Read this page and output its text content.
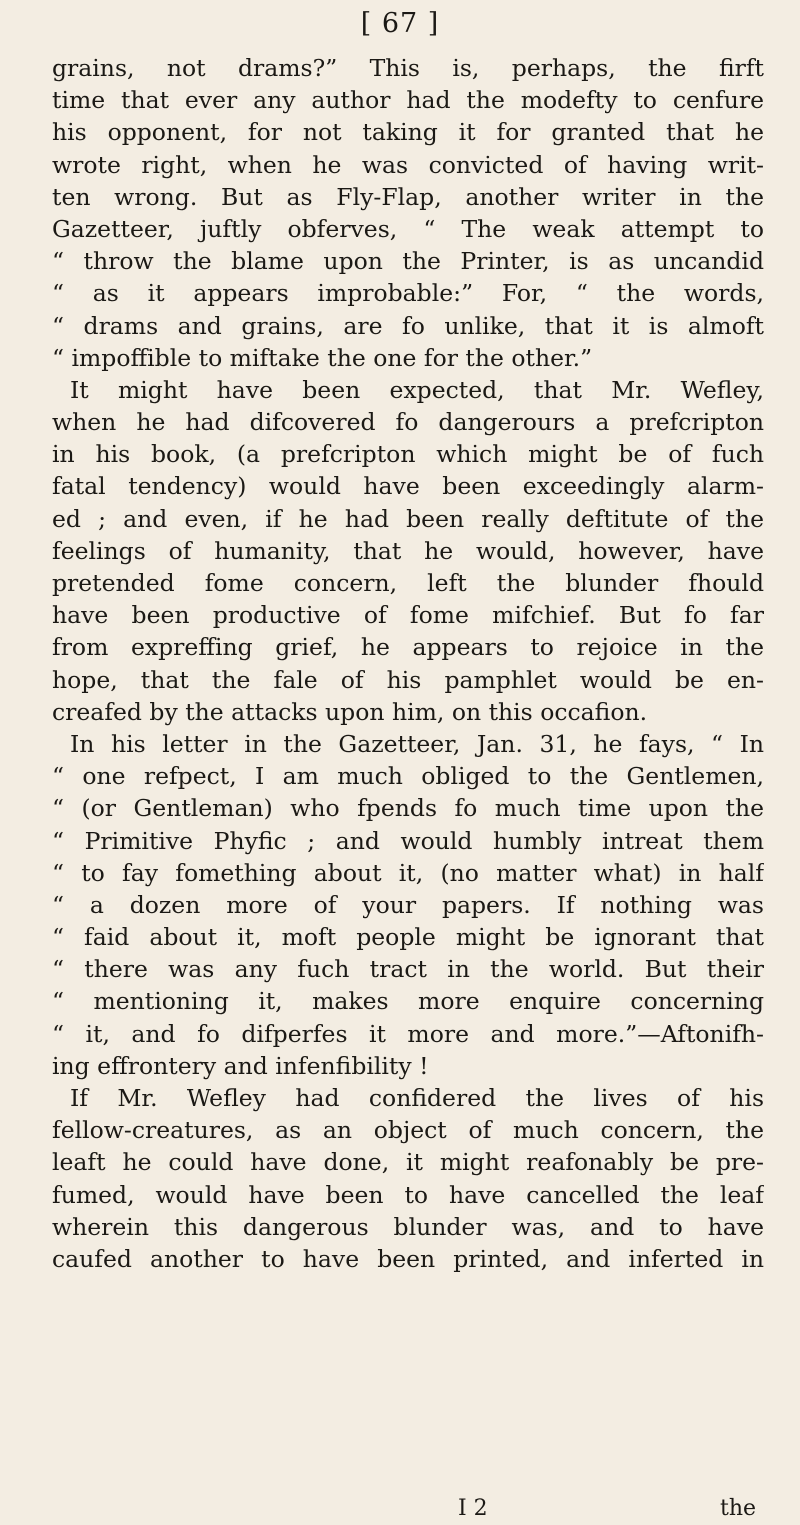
[ 67 ]
grains, not drams?” This is, perhaps, the firft
time that ever any author had the modefty to cenfure
his opponent, for not taking it for granted that he
wrote right, when he was convicted of having writ-
ten wrong. But as Fly-Flap, another writer in the
Gazetteer, juftly obferves, “ The weak attempt to
“ throw the blame upon the Printer, is as uncandid
“ as it appears improbable:” For, “ the words,
“ drams and grains, are fo unlike, that it is almoft
“ impoffible to miftake the one for the other.”
It might have been expected, that Mr. Wefley,
when he had difcovered fo dangerours a prefcripton
in his book, (a prefcripton which might be of fuch
fatal tendency) would have been exceedingly alarm-
ed ; and even, if he had been really deftitute of the
feelings of humanity, that he would, however, have
pretended fome concern, left the blunder fhould
have been productive of fome mifchief. But fo far
from expreffing grief, he appears to rejoice in the
hope, that the fale of his pamphlet would be en-
creafed by the attacks upon him, on this occafion.
In his letter in the Gazetteer, Jan. 31, he fays, “ In
“ one refpect, I am much obliged to the Gentlemen,
“ (or Gentleman) who fpends fo much time upon the
“ Primitive Phyfic ; and would humbly intreat them
“ to fay fomething about it, (no matter what) in half
“ a dozen more of your papers. If nothing was
“ faid about it, moft people might be ignorant that
“ there was any fuch tract in the world. But their
“ mentioning it, makes more enquire concerning
“ it, and fo difperfes it more and more.”—Aftonifh-
ing effrontery and infenfibility !
If Mr. Wefley had confidered the lives of his
fellow-creatures, as an object of much concern, the
leaft he could have done, it might reafonably be pre-
fumed, would have been to have cancelled the leaf
wherein this dangerous blunder was, and to have
caufed another to have been printed, and inferted in
I 2	the
